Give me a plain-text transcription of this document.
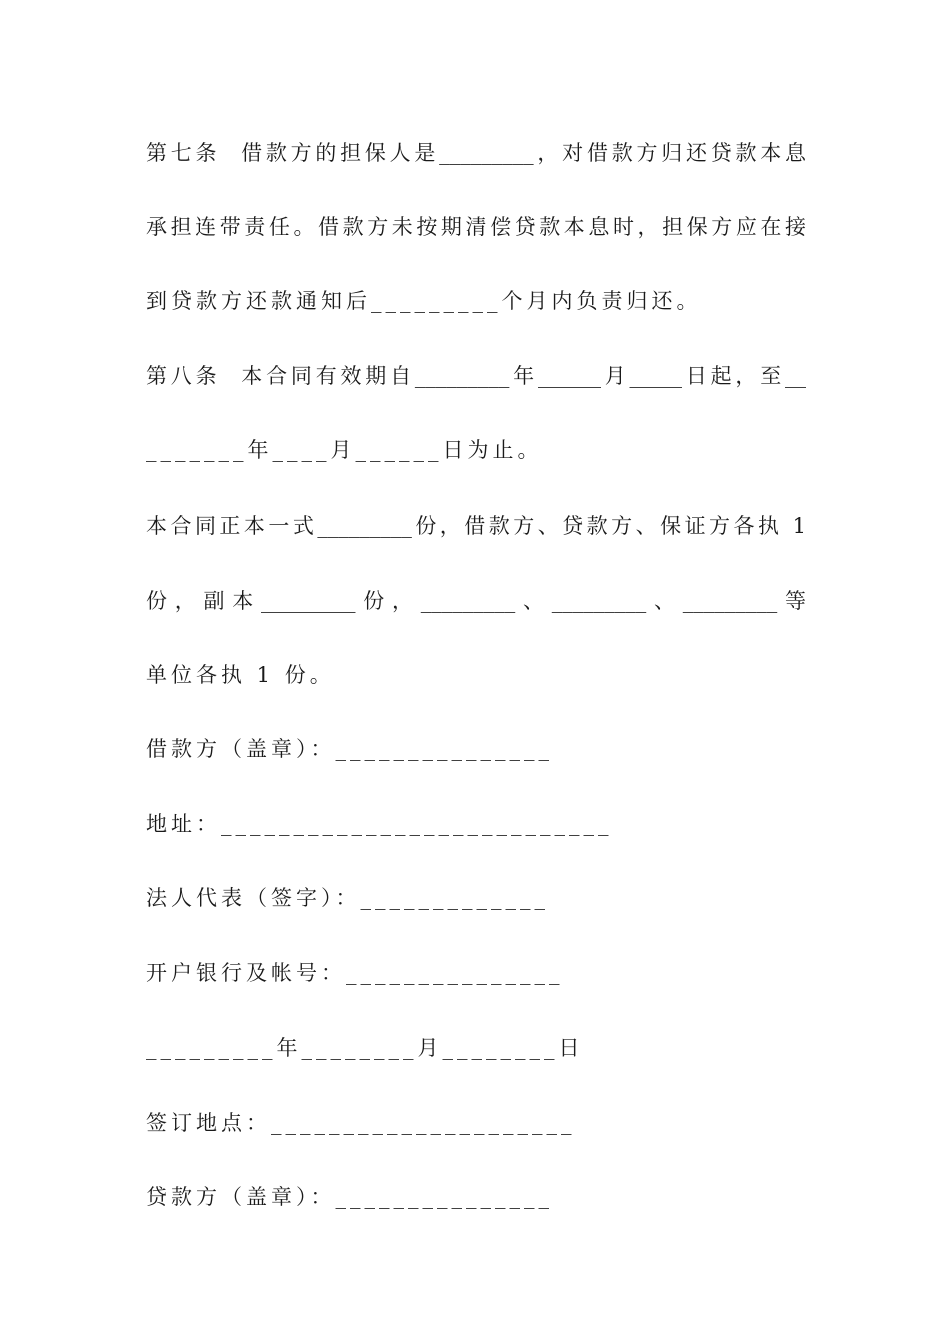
第七条  借款方的担保人是_________，对借款方归还贷款本息
承担连带责任。借款方未按期清偿贷款本息时，担保方应在接
到贷款方还款通知后_________个月内负责归还。
第八条  本合同有效期自_________年______月_____日起，至__
_______年____月______日为止。
本合同正本一式_________份，借款方、贷款方、保证方各执 1
份，副本_________份，_________、_________、_________等
单位各执 1 份。
借款方（盖章）：_______________
地址：___________________________
法人代表（签字）：_____________
开户银行及帐号：_______________
_________年________月________日
签订地点：_____________________
贷款方（盖章）：_______________
